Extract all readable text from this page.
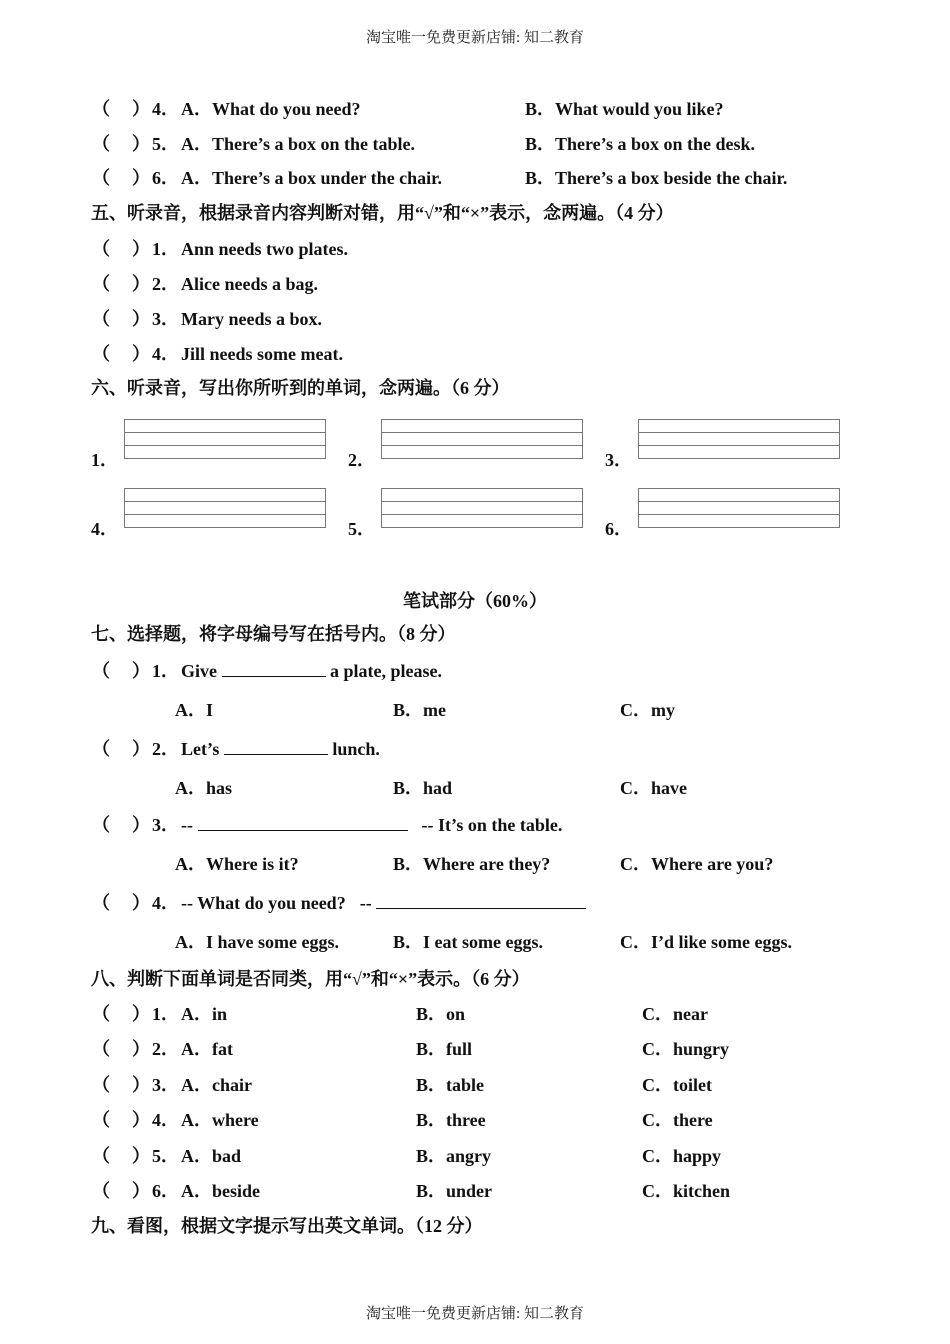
淘宝唯一免费更新店铺: 知二教育
（ ） 4． A．What do you need?	B．What would you like?
（ ） 5． A．There’s a box on the table.	B．There’s a box on the desk.
（ ） 6． A．There’s a box under the chair.	B．There’s a box beside the chair.
五、听录音，根据录音内容判断对错，用“√”和“×”表示，念两遍。（4 分）
（ ） 1． Ann needs two plates.
（ ） 2． Alice needs a bag.
（ ） 3． Mary needs a box.
（ ） 4． Jill needs some meat.
六、听录音，写出你所听到的单词，念两遍。（6 分）
1．	2．	3．
4．	5．	6．
笔试部分（60%）
七、选择题，将字母编号写在括号内。（8 分）
（ ） 1． Give	a plate, please.
A．I	B．me	C．my
（ ） 2． Let’s	lunch.
A．has	B．had	C．have
（ ） 3． --	-- It’s on the table.
A．Where is it?	B．Where are they?	C．Where are you?
（ ） 4． -- What do you need? --
A．I have some eggs.	B．I eat some eggs.	C．I’d like some eggs.
八、判断下面单词是否同类，用“√”和“×”表示。（6 分）
（ ） 1． A．in	B．on	C．near
（ ） 2． A．fat	B．full	C．hungry
（ ） 3． A．chair	B．table	C．toilet
（ ） 4． A．where	B．three	C．there
（ ） 5． A．bad	B．angry	C．happy
（ ） 6． A．beside	B．under	C．kitchen
九、看图，根据文字提示写出英文单词。（12 分）
淘宝唯一免费更新店铺: 知二教育
